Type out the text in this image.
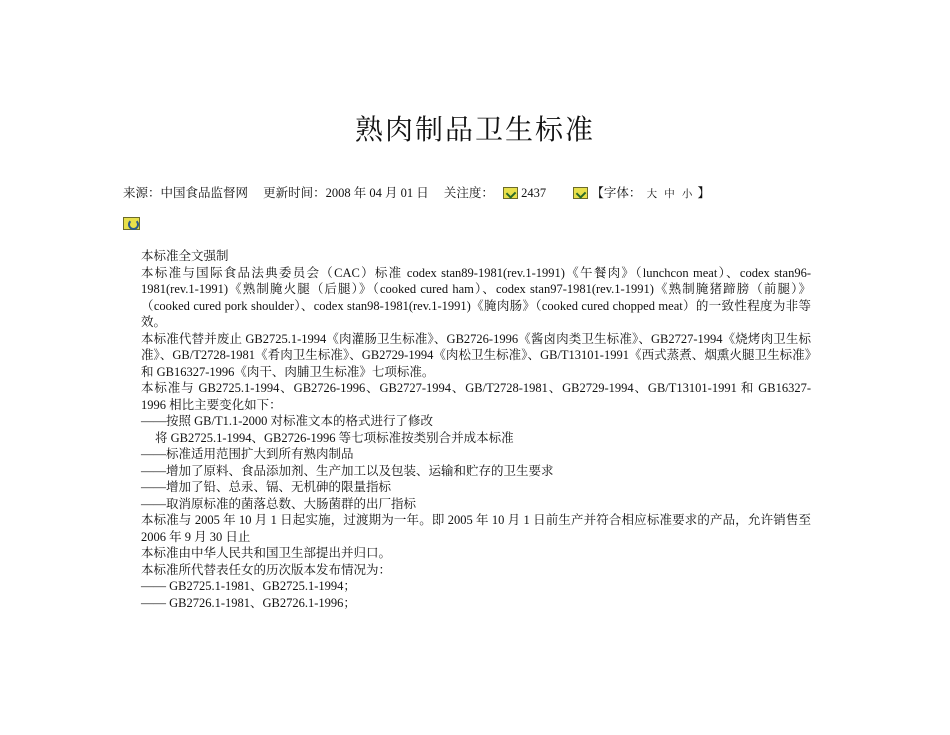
熟肉制品卫生标准
来源：中国食品监督网 更新时间：2008 年 04 月 01 日 关注度： 2437	【字体： 大 中 小 】

本标准全文强制

本标准与国际食品法典委员会（CAC）标准 codex stan89-1981(rev.1-1991)《午餐肉》（lunchcon meat）、codex stan96-1981(rev.1-1991)《熟制腌火腿（后腿）》（cooked cured ham）、codex stan97-1981(rev.1-1991)《熟制腌猪蹄膀（前腿）》（cooked cured pork shoulder）、codex stan98-1981(rev.1-1991)《腌肉肠》（cooked cured chopped meat）的一致性程度为非等效。

本标准代替并废止 GB2725.1-1994《肉灌肠卫生标准》、GB2726-1996《酱卤肉类卫生标准》、GB2727-1994《烧烤肉卫生标准》、GB/T2728-1981《肴肉卫生标准》、GB2729-1994《肉松卫生标准》、GB/T13101-1991《西式蒸煮、烟熏火腿卫生标准》和 GB16327-1996《肉干、肉脯卫生标准》七项标准。

本标准与 GB2725.1-1994、GB2726-1996、GB2727-1994、GB/T2728-1981、GB2729-1994、GB/T13101-1991 和 GB16327-1996 相比主要变化如下：

——按照 GB/T1.1-2000 对标准文本的格式进行了修改

将 GB2725.1-1994、GB2726-1996 等七项标准按类别合并成本标准

——标准适用范围扩大到所有熟肉制品

——增加了原料、食品添加剂、生产加工以及包装、运输和贮存的卫生要求

——增加了铅、总汞、镉、无机砷的限量指标

——取消原标准的菌落总数、大肠菌群的出厂指标

本标准与 2005 年 10 月 1 日起实施，过渡期为一年。即 2005 年 10 月 1 日前生产并符合相应标准要求的产品，允许销售至 2006 年 9 月 30 日止

本标准由中华人民共和国卫生部提出并归口。

本标准所代替表任女的历次版本发布情况为：

—— GB2725.1-1981、GB2725.1-1994；

—— GB2726.1-1981、GB2726.1-1996；
